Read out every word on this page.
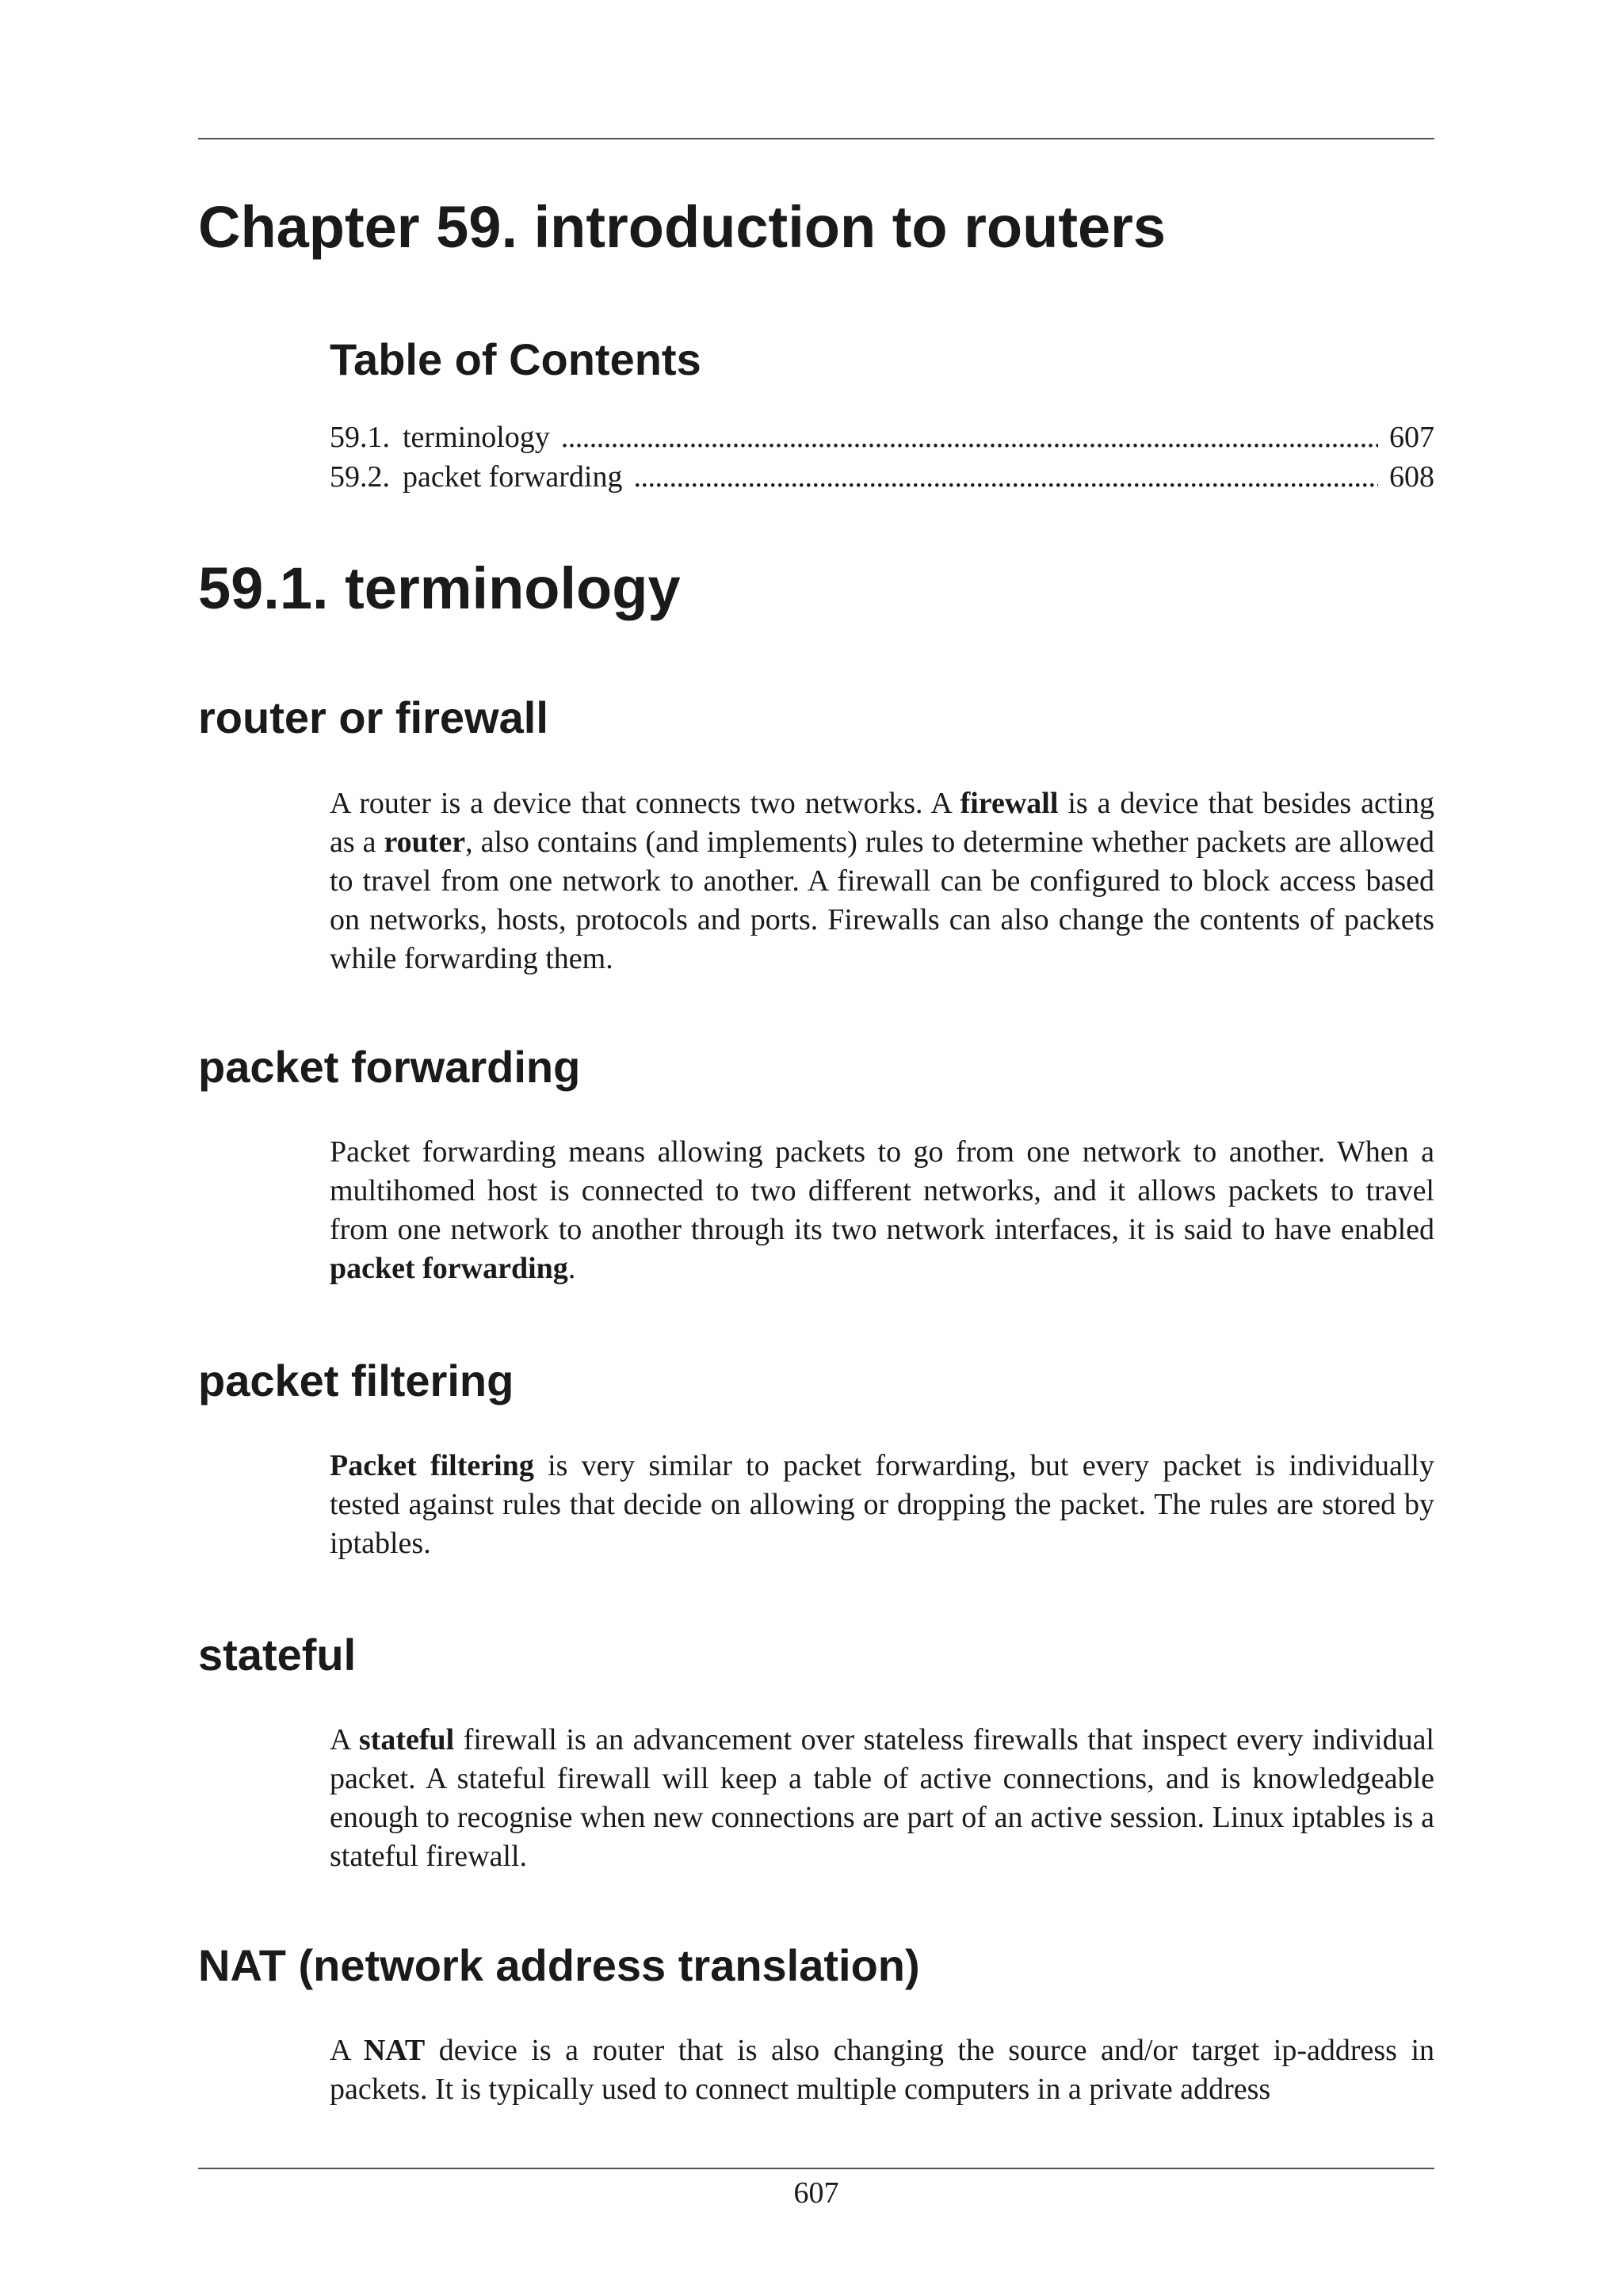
Chapter 59. introduction to routers
Table of Contents
59.1. terminology . . .	607
59.2. packet forwarding . . .	608
59.1. terminology
router or firewall

A router is a device that connects two networks. A firewall is a device that besides acting as a router, also contains (and implements) rules to determine whether packets are allowed to travel from one network to another. A firewall can be configured to block access based on networks, hosts, protocols and ports. Firewalls can also change the contents of packets while forwarding them.

packet forwarding

Packet forwarding means allowing packets to go from one network to another. When a multihomed host is connected to two different networks, and it allows packets to travel from one network to another through its two network interfaces, it is said to have enabled packet forwarding.

packet filtering

Packet filtering is very similar to packet forwarding, but every packet is individually tested against rules that decide on allowing or dropping the packet. The rules are stored by iptables.

stateful

A stateful firewall is an advancement over stateless firewalls that inspect every individual packet. A stateful firewall will keep a table of active connections, and is knowledgeable enough to recognise when new connections are part of an active session. Linux iptables is a stateful firewall.

NAT (network address translation)

A NAT device is a router that is also changing the source and/or target ip-address in packets. It is typically used to connect multiple computers in a private address

607
